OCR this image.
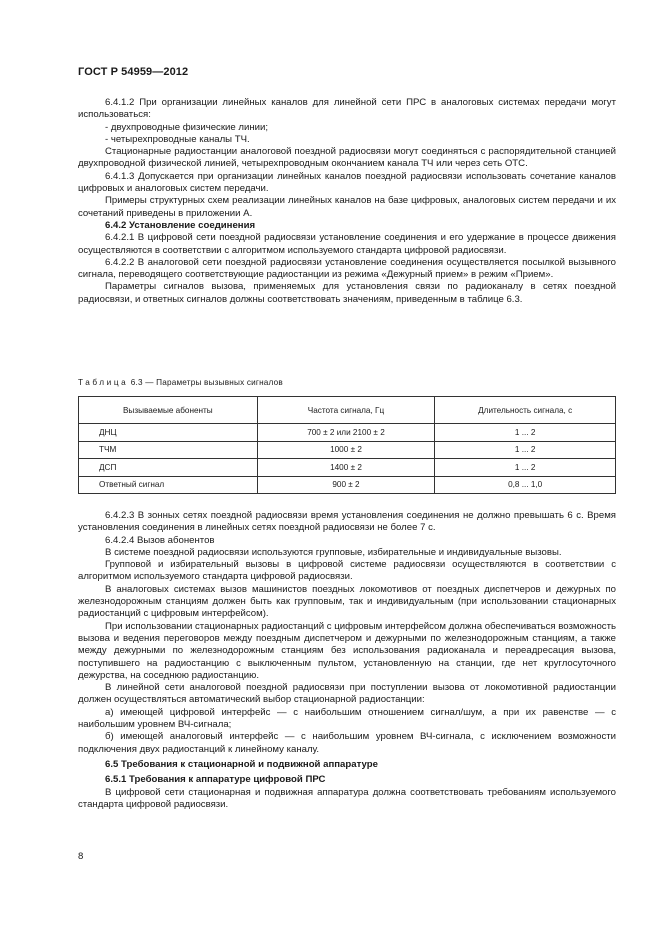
ГОСТ Р 54959—2012

6.4.1.2 При организации линейных каналов для линейной сети ПРС в аналоговых системах передачи могут использоваться:

- двухпроводные физические линии;

- четырехпроводные каналы ТЧ.

Стационарные радиостанции аналоговой поездной радиосвязи могут соединяться с распорядительной станцией двухпроводной физической линией, четырехпроводным окончанием канала ТЧ или через сеть ОТС.

6.4.1.3 Допускается при организации линейных каналов поездной радиосвязи использовать сочетание каналов цифровых и аналоговых систем передачи.

Примеры структурных схем реализации линейных каналов на базе цифровых, аналоговых систем передачи и их сочетаний приведены в приложении А.

6.4.2 Установление соединения

6.4.2.1 В цифровой сети поездной радиосвязи установление соединения и его удержание в процессе движения осуществляются в соответствии с алгоритмом используемого стандарта цифровой радиосвязи.

6.4.2.2 В аналоговой сети поездной радиосвязи установление соединения осуществляется посылкой вызывного сигнала, переводящего соответствующие радиостанции из режима «Дежурный прием» в режим «Прием».

Параметры сигналов вызова, применяемых для установления связи по радиоканалу в сетях поездной радиосвязи, и ответных сигналов должны соответствовать значениям, приведенным в таблице 6.3.

Таблица 6.3 — Параметры вызывных сигналов
Вызываемые абоненты	Частота сигнала, Гц	Длительность сигнала, с
ДНЦ	700 ± 2 или 2100 ± 2	1 ... 2
ТЧМ	1000 ± 2	1 ... 2
ДСП	1400 ± 2	1 ... 2
Ответный сигнал	900 ± 2	0,8 ... 1,0

6.4.2.3 В зонных сетях поездной радиосвязи время установления соединения не должно превышать 6 с. Время установления соединения в линейных сетях поездной радиосвязи не более 7 с.

6.4.2.4 Вызов абонентов

В системе поездной радиосвязи используются групповые, избирательные и индивидуальные вызовы.

Групповой и избирательный вызовы в цифровой системе радиосвязи осуществляются в соответствии с алгоритмом используемого стандарта цифровой радиосвязи.

В аналоговых системах вызов машинистов поездных локомотивов от поездных диспетчеров и дежурных по железнодорожным станциям должен быть как групповым, так и индивидуальным (при использовании стационарных радиостанций с цифровым интерфейсом).

При использовании стационарных радиостанций с цифровым интерфейсом должна обеспечиваться возможность вызова и ведения переговоров между поездным диспетчером и дежурными по железнодорожным станциям, а также между дежурными по железнодорожным станциям без использования радиоканала и переадресация вызова, поступившего на радиостанцию с выключенным пультом, установленную на станции, где нет круглосуточного дежурства, на соседнюю радиостанцию.

В линейной сети аналоговой поездной радиосвязи при поступлении вызова от локомотивной радиостанции должен осуществляться автоматический выбор стационарной радиостанции:

а) имеющей цифровой интерфейс — с наибольшим отношением сигнал/шум, а при их равенстве — с наибольшим уровнем ВЧ-сигнала;

б) имеющей аналоговый интерфейс — с наибольшим уровнем ВЧ-сигнала, с исключением возможности подключения двух радиостанций к линейному каналу.

6.5 Требования к стационарной и подвижной аппаратуре

6.5.1 Требования к аппаратуре цифровой ПРС

В цифровой сети стационарная и подвижная аппаратура должна соответствовать требованиям используемого стандарта цифровой радиосвязи.

8
